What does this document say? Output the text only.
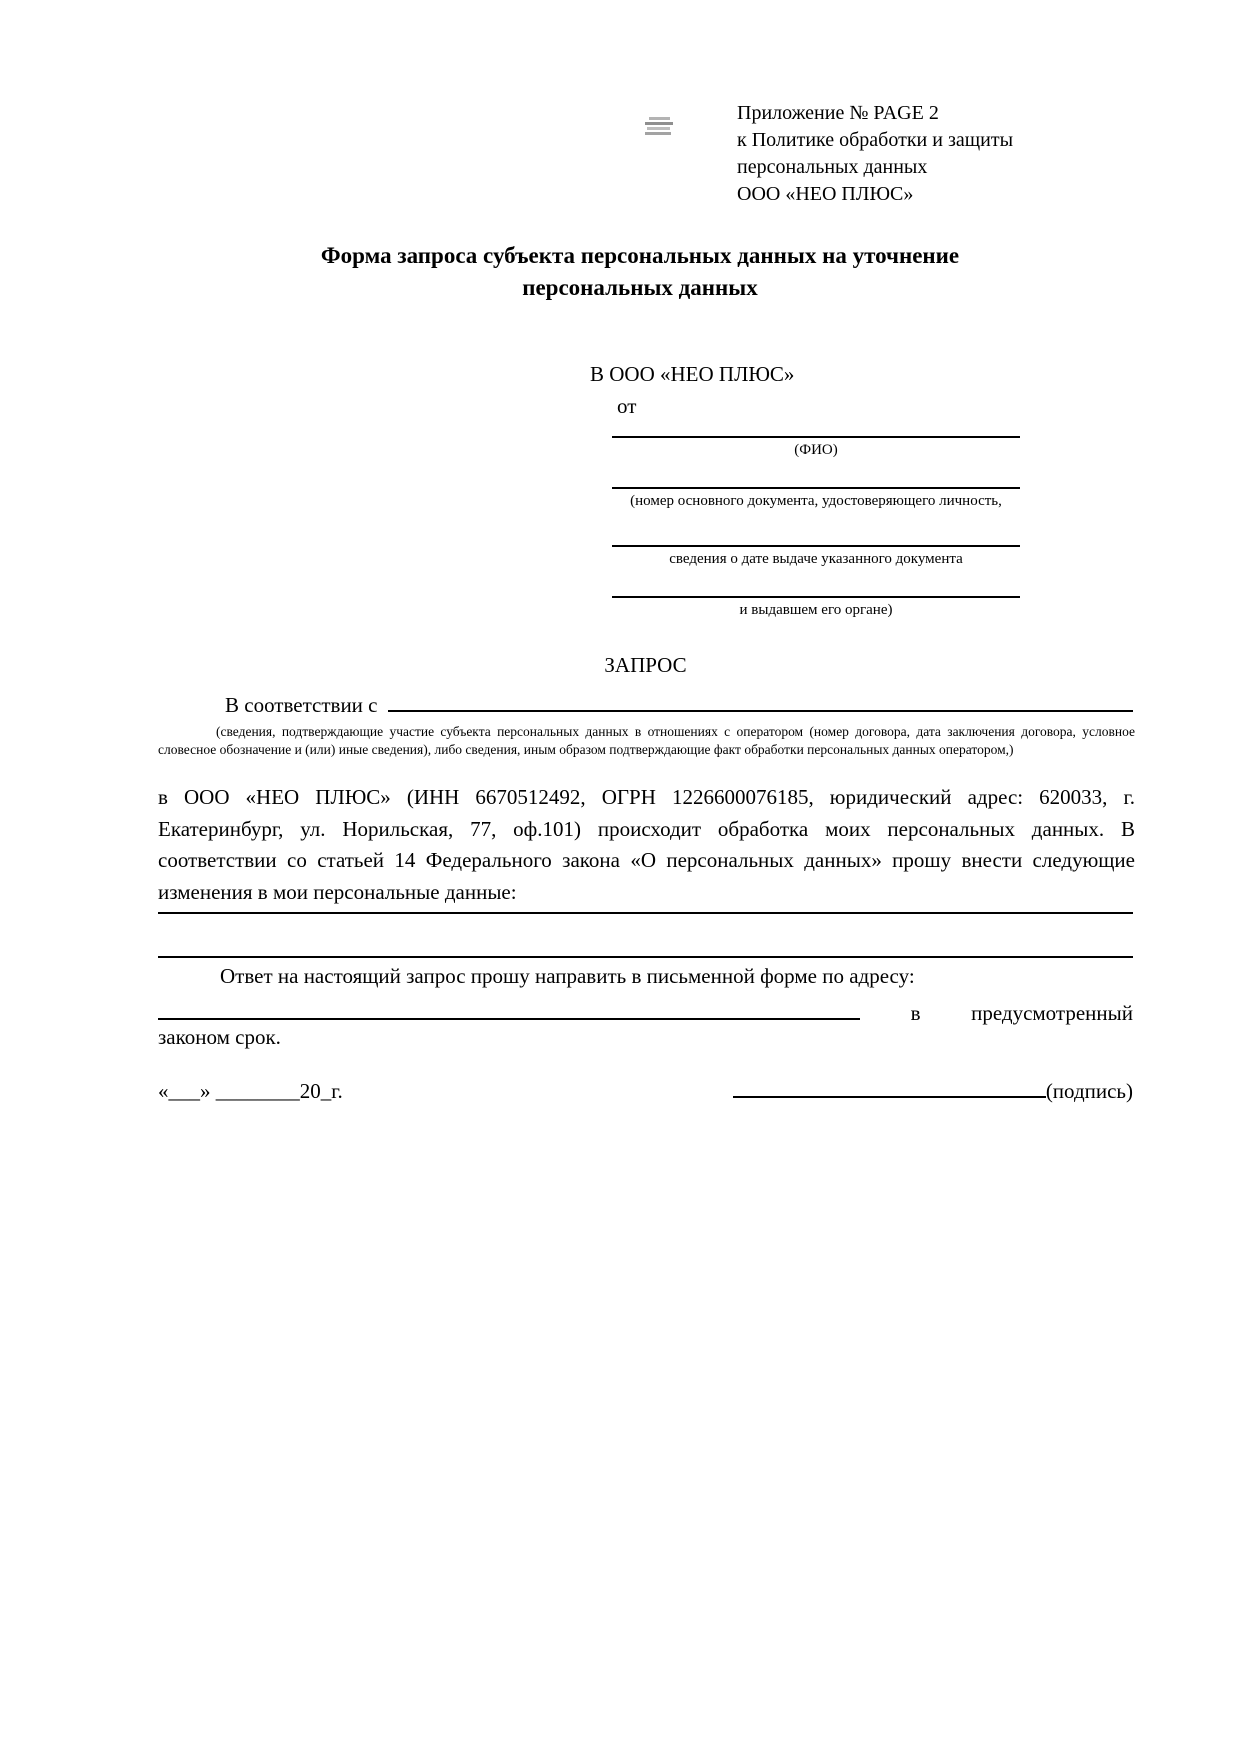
Приложение № PAGE 2
к Политике обработки и защиты
персональных данных
ООО «НЕО ПЛЮС»
Форма запроса субъекта персональных данных на уточнение
персональных данных
В ООО «НЕО ПЛЮС»
от
(ФИО)
(номер основного документа, удостоверяющего личность,
сведения о дате выдаче указанного документа
и выдавшем его органе)
ЗАПРОС
В соответствии с
(сведения, подтверждающие участие субъекта персональных данных в отношениях с оператором (номер договора, дата заключения договора, условное словесное обозначение и (или) иные сведения), либо сведения, иным образом подтверждающие факт обработки персональных данных оператором,)
в ООО «НЕО ПЛЮС» (ИНН 6670512492, ОГРН 1226600076185, юридический адрес: 620033, г. Екатеринбург, ул. Норильская, 77, оф.101) происходит обработка моих персональных данных. В соответствии со статьей 14 Федерального закона «О персональных данных» прошу внести следующие изменения в мои персональные данные:
Ответ на настоящий запрос прошу направить в письменной форме по адресу:
в предусмотренный
законом срок.
«___» ________20_г.	(подпись)
